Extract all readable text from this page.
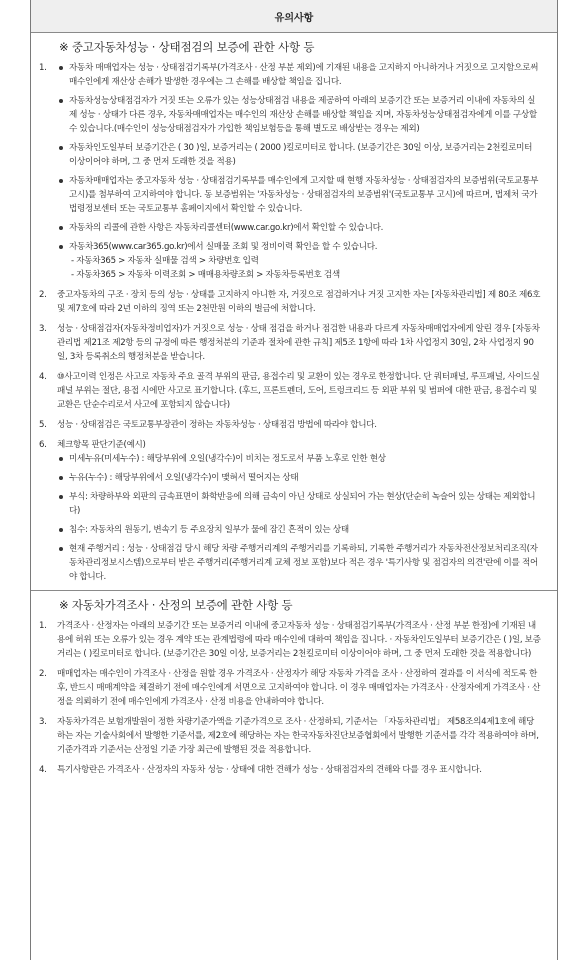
유의사항
※ 중고자동차성능 · 상태점검의 보증에 관한 사항 등
1.	자동차 매매업자는 성능 · 상태점검기록부(가격조사 · 산정 부분 제외)에 기재된 내용을 고지하지 아니하거나 거짓으로 고지함으로써 매수인에게 재산상 손해가 발생한 경우에는 그 손해를 배상할 책임을 집니다.
자동차성능상태점검자가 거짓 또는 오류가 있는 성능상태점검 내용을 제공하여 아래의 보증기간 또는 보증거리 이내에 자동차의 실제 성능 · 상태가 다른 경우, 자동차매매업자는 매수인의 재산상 손해를 배상할 책임을 지며, 자동차성능상태점검자에게 이를 구상할 수 있습니다.(매수인이 성능상태점검자가 가입한 책임보험등을 통해 별도로 배상받는 경우는 제외)
자동차인도일부터 보증기간은 ( 30 )일, 보증거리는 ( 2000 )킬로미터로 합니다. (보증기간은 30일 이상, 보증거리는 2천킬로미터 이상이어야 하며, 그 중 먼저 도래한 것을 적용)
자동차매매업자는 중고자동차 성능 · 상태점검기록부를 매수인에게 고지할 때 현행 자동차성능 · 상태점검자의 보증범위(국토교통부 고시)를 첨부하여 고지하여야 합니다. 동 보증범위는 '자동차성능 · 상태점검자의 보증범위'(국토교통부 고시)에 따르며, 법제처 국가법령정보센터 또는 국토교통부 홈페이지에서 확인할 수 있습니다.
자동차의 리콜에 관한 사항은 자동차리콜센터(www.car.go.kr)에서 확인할 수 있습니다.
자동차365(www.car365.go.kr)에서 실매물 조회 및 정비이력 확인을 할 수 있습니다.
- 자동차365 > 자동차 실매물 검색 > 차량번호 입력
- 자동차365 > 자동차 이력조회 > 매매용차량조회 > 자동차등록번호 검색
2. 중고자동차의 구조 · 장치 등의 성능 · 상태를 고지하지 아니한 자, 거짓으로 점검하거나 거짓 고지한 자는 [자동차관리법] 제 80조 제6호 및 제7호에 따라 2년 이하의 징역 또는 2천만원 이하의 벌금에 처합니다.
3. 성능 · 상태점검자(자동차정비업자)가 거짓으로 성능 · 상태 점검을 하거나 점검한 내용과 다르게 자동차매매업자에게 알린 경우 [자동차관리법 제21조 제2항 등의 규정에 따른 행정처분의 기준과 절차에 관한 규칙] 제5조 1항에 따라 1차 사업정지 30일, 2차 사업정지 90일, 3차 등록취소의 행정처분을 받습니다.
4. ⑩사고이력 인정은 사고로 자동차 주요 골격 부위의 판금, 용접수리 및 교환이 있는 경우로 한정합니다. 단 쿼터패널, 루프패널, 사이드실패널 부위는 절단, 용접 시에만 사고로 표기합니다. (후드, 프론트펜더, 도어, 트렁크리드 등 외판 부위 및 범퍼에 대한 판금, 용접수리 및 교환은 단순수리로서 사고에 포함되지 않습니다)
5. 성능 · 상태점검은 국토교통부장관이 정하는 자동차성능 · 상태점검 방법에 따라야 합니다.
6. 체크항목 판단기준(예시)
미세누유(미세누수) : 해당부위에 오일(냉각수)이 비치는 정도로서 부품 노후로 인한 현상
누유(누수) : 해당부위에서 오일(냉각수)이 맺혀서 떨어지는 상태
부식: 차량하부와 외판의 금속표면이 화학반응에 의해 금속이 아닌 상태로 상실되어 가는 현상(단순히 녹슬어 있는 상태는 제외합니다)
침수: 자동차의 원동기, 변속기 등 주요장치 일부가 물에 잠긴 흔적이 있는 상태
현재 주행거리 : 성능 · 상태점검 당시 해당 차량 주행거리계의 주행거리를 기록하되, 기록한 주행거리가 자동차전산정보처리조직(자동차관리정보시스템)으로부터 받은 주행거리(주행거리계 교체 정보 포함)보다 적은 경우 '특기사항 및 점검자의 의견'란에 이를 적어야 합니다.
※ 자동차가격조사 · 산정의 보증에 관한 사항 등
1. 가격조사 · 산정자는 아래의 보증기간 또는 보증거리 이내에 중고자동차 성능 · 상태점검기록부(가격조사 · 산정 부분 한정)에 기재된 내용에 허위 또는 오류가 있는 경우 계약 또는 관계법령에 따라 매수인에 대하여 책임을 집니다. · 자동차인도일부터 보증기간은 ( )일, 보증거리는 ( )킬로미터로 합니다. (보증기간은 30일 이상, 보증거리는 2천킬로미터 이상이어야 하며, 그 중 먼저 도래한 것을 적용합니다)
2. 매매업자는 매수인이 가격조사 · 산정을 원할 경우 가격조사 · 산정자가 해당 자동차 가격을 조사 · 산정하여 결과를 이 서식에 적도록 한 후, 반드시 매매계약을 체결하기 전에 매수인에게 서면으로 고지하여야 합니다. 이 경우 매매업자는 가격조사 · 산정자에게 가격조사 · 산정을 의뢰하기 전에 매수인에게 가격조사 · 산정 비용을 안내하여야 합니다.
3. 자동차가격은 보험개발원이 정한 차량기준가액을 기준가격으로 조사 · 산정하되, 기준서는 「자동차관리법」 제58조의4제1호에 해당하는 자는 기술사회에서 발행한 기준서를, 제2호에 해당하는 자는 한국자동차진단보증협회에서 발행한 기준서를 각각 적용하여야 하며, 기준가격과 기준서는 산정일 기준 가장 최근에 발행된 것을 적용합니다.
4. 특기사항란은 가격조사 · 산정자의 자동차 성능 · 상태에 대한 견해가 성능 · 상태점검자의 견해와 다를 경우 표시합니다.
